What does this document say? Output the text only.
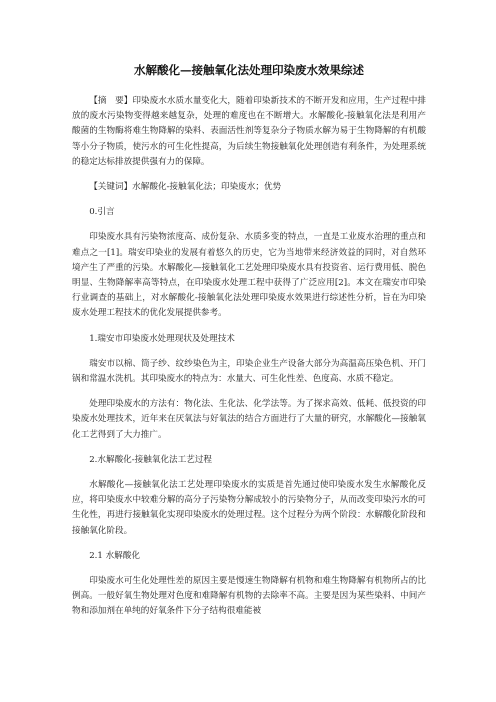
水解酸化—接触氧化法处理印染废水效果综述
【摘　要】印染废水水质水量变化大，随着印染新技术的不断开发和应用，生产过程中排放的废水污染物变得越来越复杂，处理的难度也在不断增大。水解酸化-接触氧化法是利用产酸菌的生物酶将难生物降解的染料、表面活性剂等复杂分子物质水解为易于生物降解的有机酸等小分子物质，使污水的可生化性提高，为后续生物接触氧化处理创造有利条件，为处理系统的稳定达标排放提供强有力的保障。
【关键词】水解酸化-接触氧化法；印染废水；优势
0.引言
印染废水具有污染物浓度高、成份复杂、水质多变的特点，一直是工业废水治理的重点和难点之一[1]。瑞安印染业的发展有着悠久的历史，它为当地带来经济效益的同时，对自然环境产生了严重的污染。水解酸化—接触氧化工艺处理印染废水具有投资省、运行费用低、脱色明显、生物降解率高等特点，在印染废水处理工程中获得了广泛应用[2]。本文在瑞安市印染行业调查的基础上，对水解酸化-接触氧化法处理印染废水效果进行综述性分析，旨在为印染废水处理工程技术的优化发展提供参考。
1.瑞安市印染废水处理现状及处理技术
瑞安市以棉、筒子纱、纹纱染色为主，印染企业生产设备大部分为高温高压染色机、开门锅和常温水洗机。其印染废水的特点为：水量大、可生化性差、色度高、水质不稳定。
处理印染废水的方法有：物化法、生化法、化学法等。为了探求高效、低耗、低投资的印染废水处理技术，近年来在厌氧法与好氧法的结合方面进行了大量的研究，水解酸化—接触氧化工艺得到了大力推广。
2.水解酸化-接触氧化法工艺过程
水解酸化—接触氧化法工艺处理印染废水的实质是首先通过使印染废水发生水解酸化反应，将印染废水中较难分解的高分子污染物分解成较小的污染物分子，从而改变印染污水的可生化性，再进行接触氧化实现印染废水的处理过程。这个过程分为两个阶段：水解酸化阶段和接触氧化阶段。
2.1 水解酸化
印染废水可生化处理性差的原因主要是慢速生物降解有机物和难生物降解有机物所占的比例高。一般好氧生物处理对色度和难降解有机物的去除率不高。主要是因为某些染料、中间产物和添加剂在单纯的好氧条件下分子结构很难能被
